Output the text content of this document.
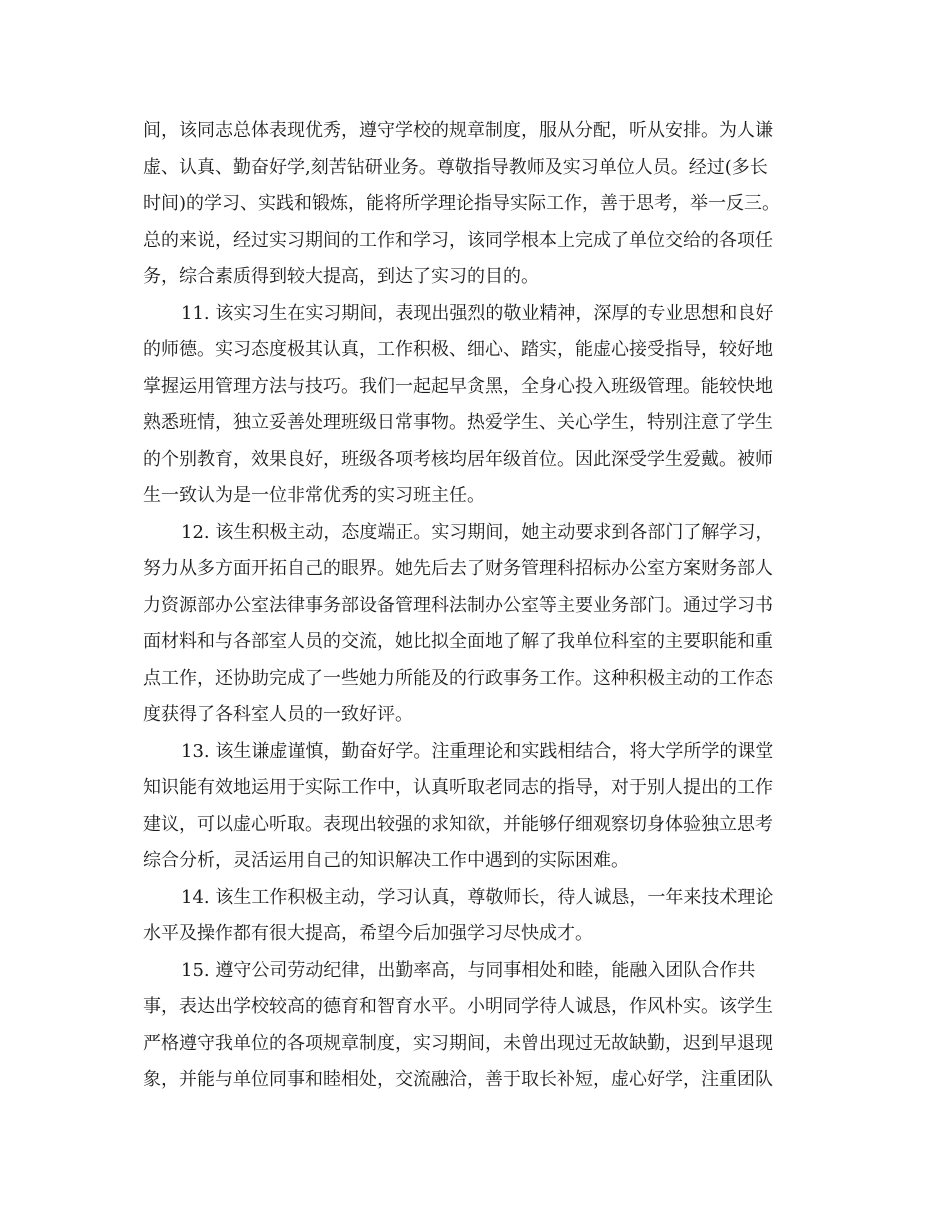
间，该同志总体表现优秀，遵守学校的规章制度，服从分配，听从安排。为人谦
虚、认真、勤奋好学,刻苦钻研业务。尊敬指导教师及实习单位人员。经过(多长
时间)的学习、实践和锻炼，能将所学理论指导实际工作，善于思考，举一反三。
总的来说，经过实习期间的工作和学习，该同学根本上完成了单位交给的各项任
务，综合素质得到较大提高，到达了实习的目的。
11. 该实习生在实习期间，表现出强烈的敬业精神，深厚的专业思想和良好
的师德。实习态度极其认真，工作积极、细心、踏实，能虚心接受指导，较好地
掌握运用管理方法与技巧。我们一起起早贪黑，全身心投入班级管理。能较快地
熟悉班情，独立妥善处理班级日常事物。热爱学生、关心学生，特别注意了学生
的个别教育，效果良好，班级各项考核均居年级首位。因此深受学生爱戴。被师
生一致认为是一位非常优秀的实习班主任。
12. 该生积极主动，态度端正。实习期间，她主动要求到各部门了解学习，
努力从多方面开拓自己的眼界。她先后去了财务管理科招标办公室方案财务部人
力资源部办公室法律事务部设备管理科法制办公室等主要业务部门。通过学习书
面材料和与各部室人员的交流，她比拟全面地了解了我单位科室的主要职能和重
点工作，还协助完成了一些她力所能及的行政事务工作。这种积极主动的工作态
度获得了各科室人员的一致好评。
13. 该生谦虚谨慎，勤奋好学。注重理论和实践相结合，将大学所学的课堂
知识能有效地运用于实际工作中，认真听取老同志的指导，对于别人提出的工作
建议，可以虚心听取。表现出较强的求知欲，并能够仔细观察切身体验独立思考
综合分析，灵活运用自己的知识解决工作中遇到的实际困难。
14. 该生工作积极主动，学习认真，尊敬师长，待人诚恳，一年来技术理论
水平及操作都有很大提高，希望今后加强学习尽快成才。
15. 遵守公司劳动纪律，出勤率高，与同事相处和睦，能融入团队合作共
事，表达出学校较高的德育和智育水平。小明同学待人诚恳，作风朴实。该学生
严格遵守我单位的各项规章制度，实习期间，未曾出现过无故缺勤，迟到早退现
象，并能与单位同事和睦相处，交流融洽，善于取长补短，虚心好学，注重团队
